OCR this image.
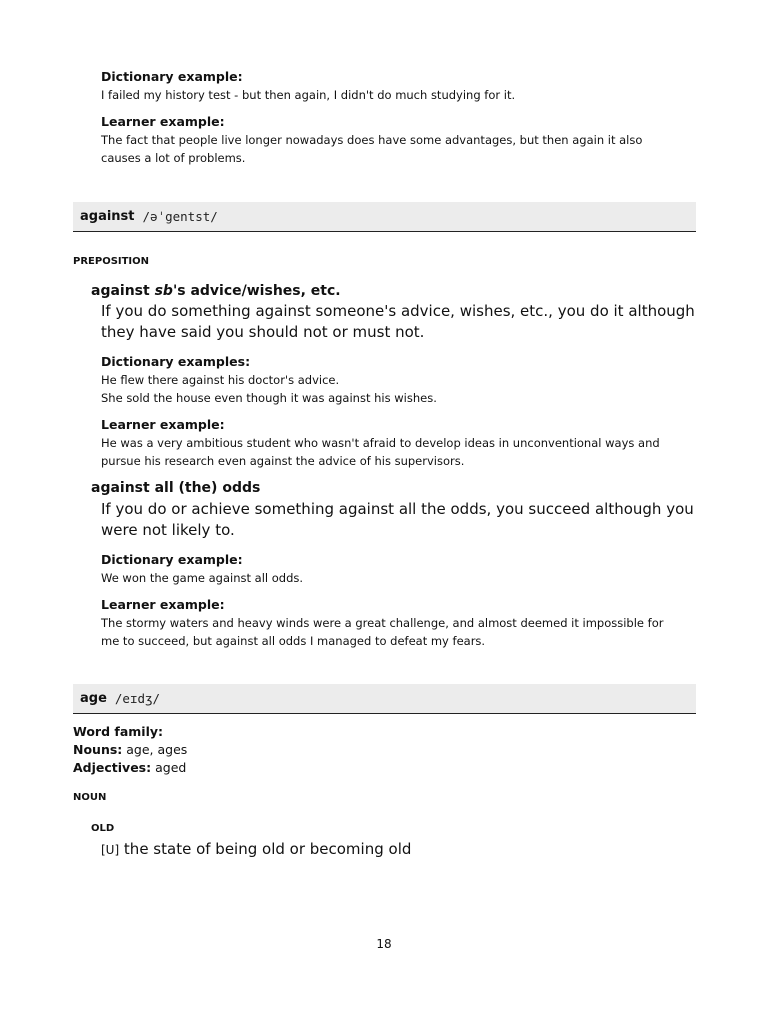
Dictionary example:
I failed my history test - but then again, I didn't do much studying for it.
Learner example:
The fact that people live longer nowadays does have some advantages, but then again it also
causes a lot of problems.
against /əˈgentst/
PREPOSITION
against sb's advice/wishes, etc.
If you do something against someone's advice, wishes, etc., you do it although
they have said you should not or must not.
Dictionary examples:
He flew there against his doctor's advice.
She sold the house even though it was against his wishes.
Learner example:
He was a very ambitious student who wasn't afraid to develop ideas in unconventional ways and
pursue his research even against the advice of his supervisors.
against all (the) odds
If you do or achieve something against all the odds, you succeed although you
were not likely to.
Dictionary example:
We won the game against all odds.
Learner example:
The stormy waters and heavy winds were a great challenge, and almost deemed it impossible for
me to succeed, but against all odds I managed to defeat my fears.
age /eɪdʒ/
Word family:
Nouns: age, ages
Adjectives: aged
NOUN
OLD
[U] the state of being old or becoming old
18
